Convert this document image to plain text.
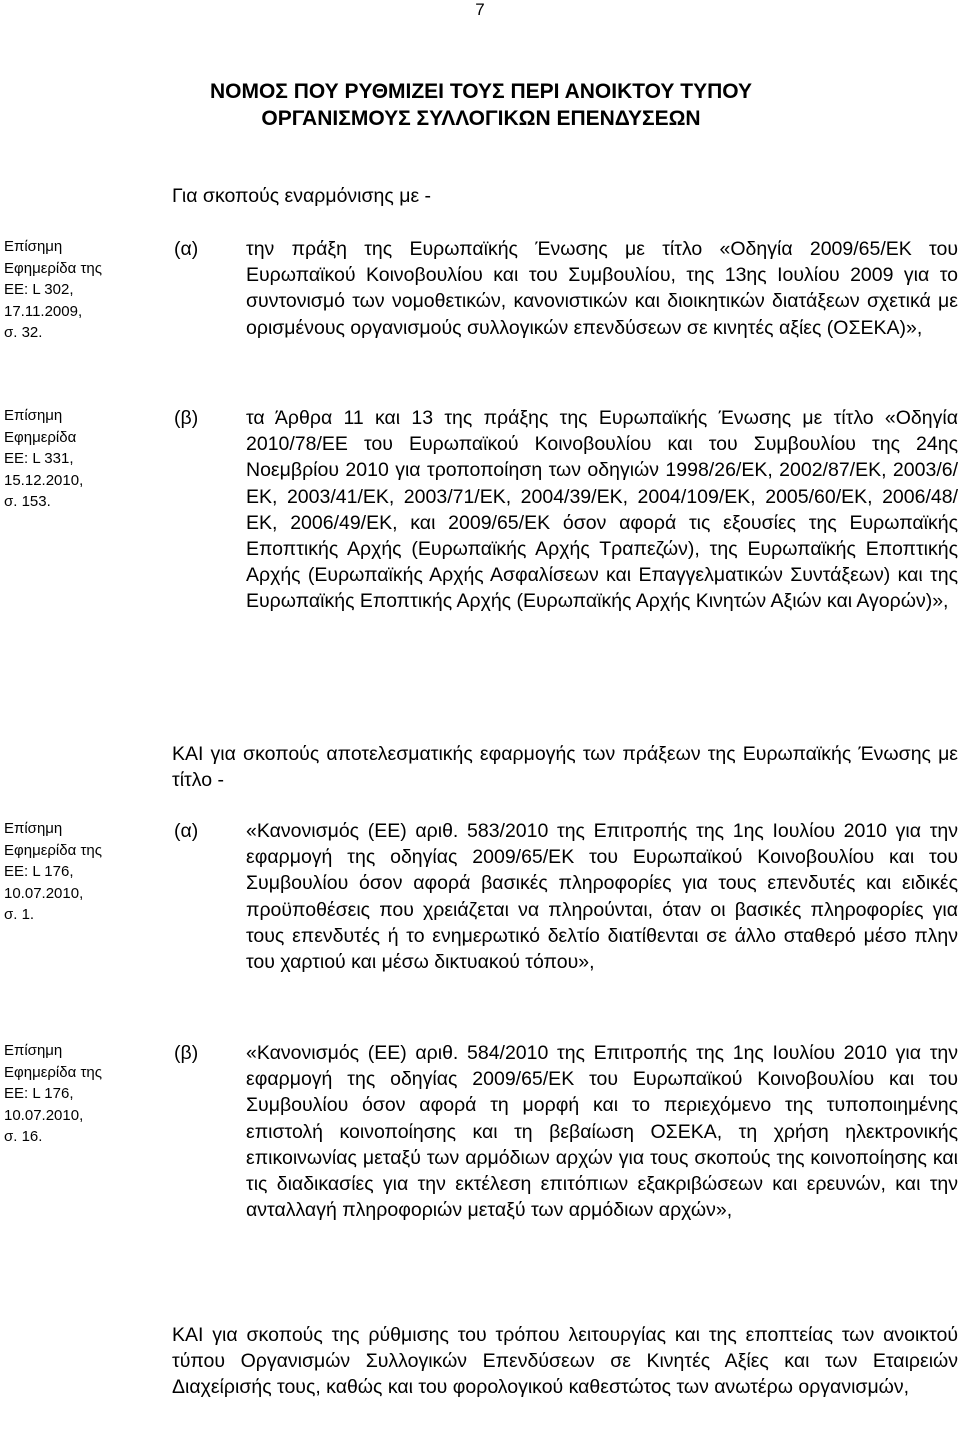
7
ΝΟΜΟΣ ΠΟΥ ΡΥΘΜΙΖΕΙ ΤΟΥΣ ΠΕΡΙ ΑΝΟΙΚΤΟΥ ΤΥΠΟΥ
ΟΡΓΑΝΙΣΜΟΥΣ ΣΥΛΛΟΓΙΚΩΝ ΕΠΕΝΔΥΣΕΩΝ
Για σκοπούς εναρμόνισης με -
Επίσημη
Εφημερίδα της
ΕΕ: L 302,
17.11.2009,
σ. 32.
(α) την πράξη της Ευρωπαϊκής Ένωσης με τίτλο «Οδηγία 2009/65/ΕΚ του Ευρωπαϊκού Κοινοβουλίου και του Συμβουλίου, της 13ης Ιουλίου 2009 για το συντονισμό των νομοθετικών, κανονιστικών και διοικητικών διατάξεων σχετικά με ορισμένους οργανισμούς συλλογικών επενδύσεων σε κινητές αξίες (ΟΣΕΚΑ)»,
Επίσημη
Εφημερίδα
ΕΕ: L 331,
15.12.2010,
σ. 153.
(β) τα Άρθρα 11 και 13 της πράξης της Ευρωπαϊκής Ένωσης με τίτλο «Οδηγία 2010/78/ΕΕ του Ευρωπαϊκού Κοινοβουλίου και του Συμβουλίου της 24ης Νοεμβρίου 2010 για τροποποίηση των οδηγιών 1998/26/ΕΚ, 2002/87/ΕΚ, 2003/6/ΕΚ, 2003/41/ΕΚ, 2003/71/ΕΚ, 2004/39/ΕΚ, 2004/109/ΕΚ, 2005/60/ΕΚ, 2006/48/ΕΚ, 2006/49/ΕΚ, και 2009/65/ΕΚ όσον αφορά τις εξουσίες της Ευρωπαϊκής Εποπτικής Αρχής (Ευρωπαϊκής Αρχής Τραπεζών), της Ευρωπαϊκής Εποπτικής Αρχής (Ευρωπαϊκής Αρχής Ασφαλίσεων και Επαγγελματικών Συντάξεων) και της Ευρωπαϊκής Εποπτικής Αρχής (Ευρωπαϊκής Αρχής Κινητών Αξιών και Αγορών)»,
ΚΑΙ για σκοπούς αποτελεσματικής εφαρμογής των πράξεων της Ευρωπαϊκής Ένωσης με τίτλο -
Επίσημη
Εφημερίδα της
ΕΕ: L 176,
10.07.2010,
σ. 1.
(α) «Κανονισμός (ΕΕ) αριθ. 583/2010 της Επιτροπής της 1ης Ιουλίου 2010 για την εφαρμογή της οδηγίας 2009/65/ΕΚ του Ευρωπαϊκού Κοινοβουλίου και του Συμβουλίου όσον αφορά βασικές πληροφορίες για τους επενδυτές και ειδικές προϋποθέσεις που χρειάζεται να πληρούνται, όταν οι βασικές πληροφορίες για τους επενδυτές ή το ενημερωτικό δελτίο διατίθενται σε άλλο σταθερό μέσο πλην του χαρτιού και μέσω δικτυακού τόπου»,
Επίσημη
Εφημερίδα της
ΕΕ: L 176,
10.07.2010,
σ. 16.
(β) «Κανονισμός (ΕΕ) αριθ. 584/2010 της Επιτροπής της 1ης Ιουλίου 2010 για την εφαρμογή της οδηγίας 2009/65/ΕΚ του Ευρωπαϊκού Κοινοβουλίου και του Συμβουλίου όσον αφορά τη μορφή και το περιεχόμενο της τυποποιημένης επιστολή κοινοποίησης και τη βεβαίωση ΟΣΕΚΑ, τη χρήση ηλεκτρονικής επικοινωνίας μεταξύ των αρμόδιων αρχών για τους σκοπούς της κοινοποίησης και τις διαδικασίες για την εκτέλεση επιτόπιων εξακριβώσεων και ερευνών, και την ανταλλαγή πληροφοριών μεταξύ των αρμόδιων αρχών»,
ΚΑΙ για σκοπούς της ρύθμισης του τρόπου λειτουργίας και της εποπτείας των ανοικτού τύπου Οργανισμών Συλλογικών Επενδύσεων σε Κινητές Αξίες και των Εταιρειών Διαχείρισής τους, καθώς και του φορολογικού καθεστώτος των ανωτέρω οργανισμών,
